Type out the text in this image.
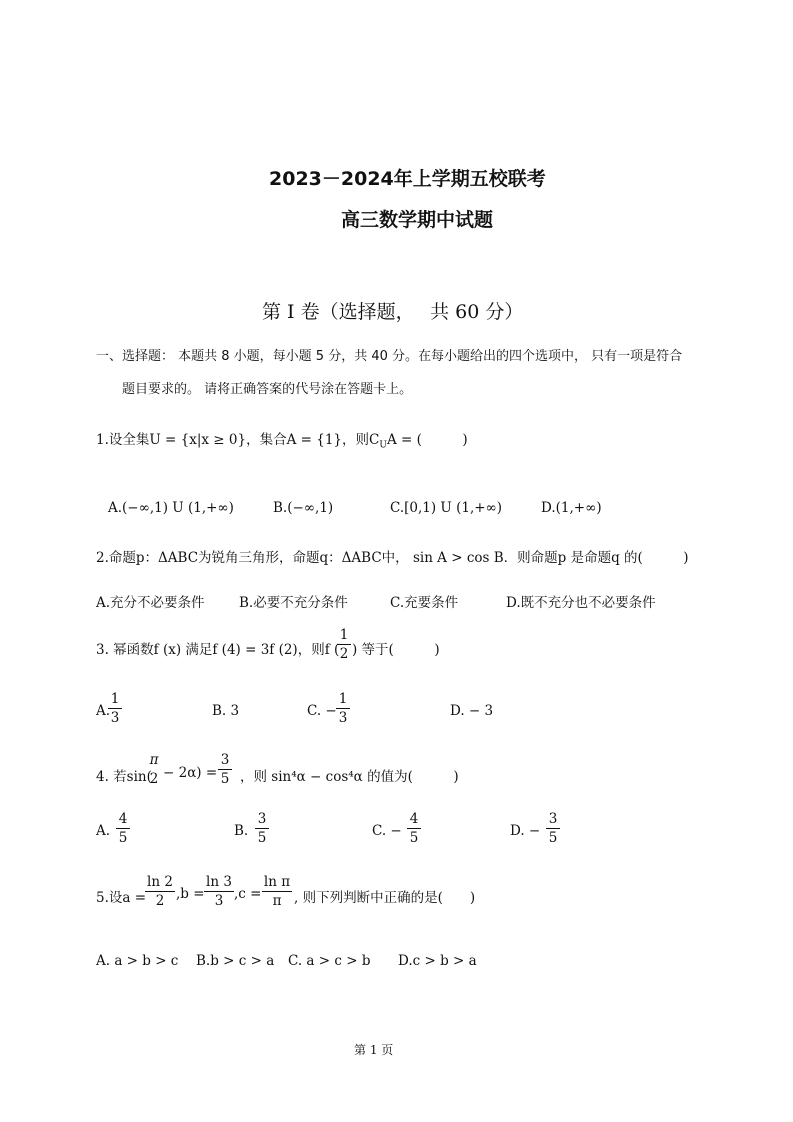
2023－2024年上学期五校联考
高三数学期中试题
第 I 卷（选择题，　 共 60 分）
一、选择题： 本题共 8 小题，每小题 5 分，共 40 分。在每小题给出的四个选项中， 只有一项是符合
题目要求的。 请将正确答案的代号涂在答题卡上。
1.设全集U = {x|x ≥ 0}，集合A = {1}，则$C_UA$ = (　　　)
A.(−∞,1) U (1,+∞)	B.(−∞,1)	C.[0,1) U (1,+∞)	D.(1,+∞)
2.命题p：ΔABC为锐角三角形，命题q：ΔABC中， sin A > cos B．则命题p 是命题q 的(　　　)
A.充分不必要条件	B.必要不充分条件	C.充要条件	D.既不充分也不必要条件
3. 幂函数f (x) 满足f (4) = 3f (2)，则f (
1
2 ) 等于(　　　)
A.
1
3	B. 3	C. −
1
3	D. − 3
4. 若sin(
π
2 − 2α) =
3
5 ，则 sin⁴α − cos⁴α 的值为(　　　)
A.
4
5	B.
3
5	C. −
4
5	D. −
3
5
5.设a =
ln 2
2 ,b =
ln 3
3 ,c =
ln π
π , 则下列判断中正确的是(　　)
A. a > b > c B.b > c > a C. a > c > b D.c > b > a
第 1 页
